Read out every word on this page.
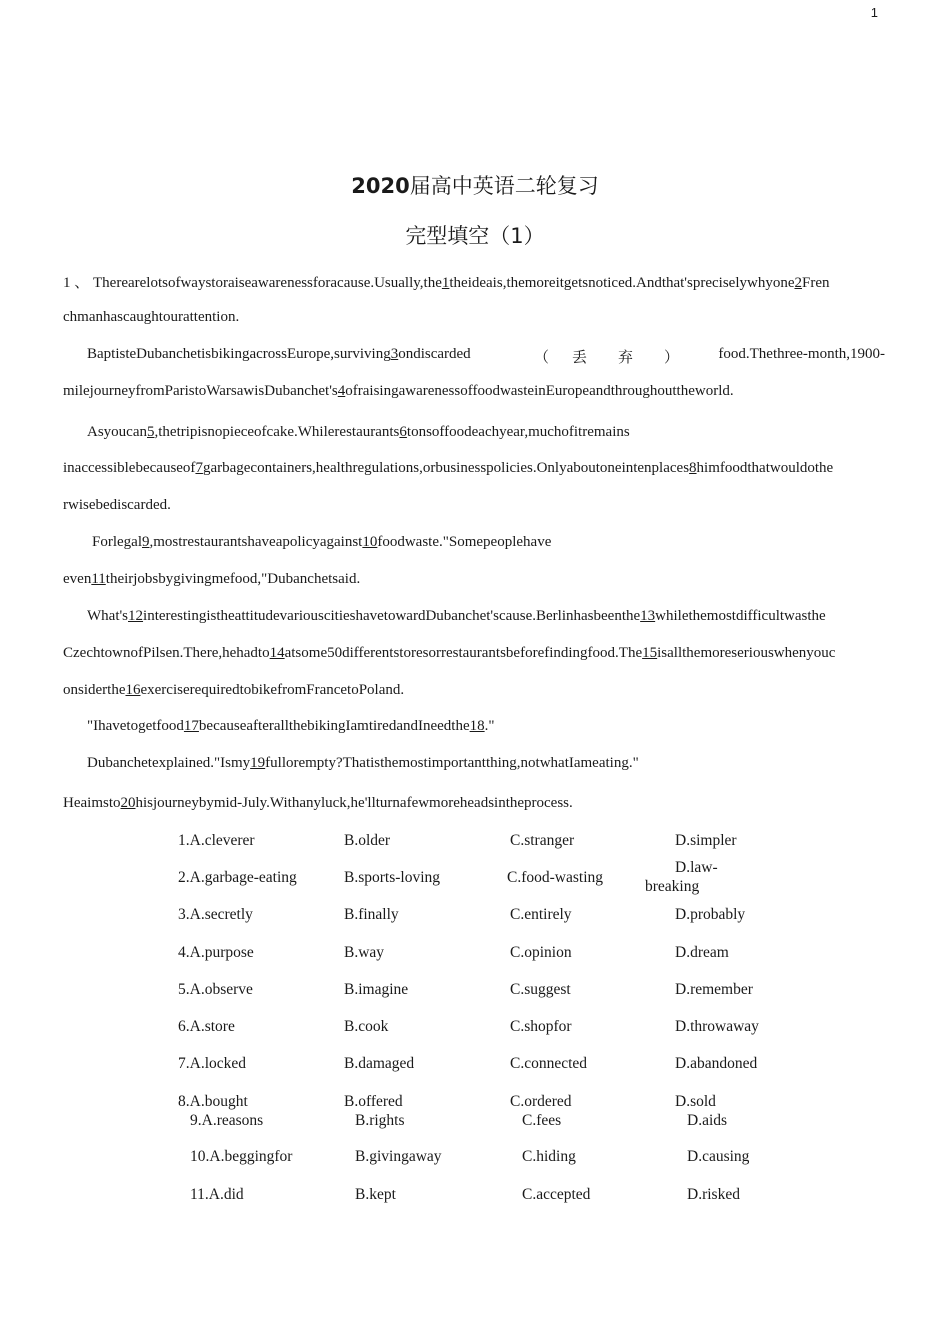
1
2020届高中英语二轮复习
完型填空（1）
1 、 Therearelotsofwaystoraiseawarenessforacause.Usually,the1theideais,themoreitgetsnoticed.Andthat'spreciselywhyone2Fren
chmanhascaughtourattention.
BaptisteDubanchetisbikingacrossEurope,surviving3ondiscarded	（ 丢 弃 ）	food.Thethree-month,1900-
milejourneyfromParistoWarsawisDubanchet's4ofraisingawarenessoffoodwasteinEuropeandthroughouttheworld.
Asyoucan5,thetripisnopieceofcake.Whilerestaurants6tonsoffoodeachyear,muchofitremains
inaccessiblebecauseof7garbagecontainers,healthregulations,orbusinesspolicies.Onlyaboutoneintenplaces8himfoodthatwouldothe
rwisebediscarded.
Forlegal9,mostrestaurantshaveapolicyagainst10foodwaste."Somepeoplehave
even11theirjobsbygivingmefood,"Dubanchetsaid.
What's12interestingistheattitudevariouscitieshavetowardDubanchet'scause.Berlinhasbeenthe13whilethemostdifficultwasthe
CzechtownofPilsen.There,hehadto14atsome50differentstoresorrestaurantsbeforefindingfood.The15isallthemoreseriouswhenyouc
onsiderthe16exerciserequiredtobikefromFrancetoPoland.
"Ihavetogetfood17becauseafterallthebikingIamtiredandIneedthe18."
Dubanchetexplained."Ismy19fullorempty?Thatisthemostimportantthing,notwhatIameating."
Heaimsto20hisjourneybymid-July.Withanyluck,he'llturnafewmoreheadsintheprocess.
1.A.cleverer	B.older	C.stranger	D.simpler
2.A.garbage-eating	B.sports-loving	C.food-wasting
D.law-
breaking
3.A.secretly	B.finally	C.entirely	D.probably
4.A.purpose	B.way	C.opinion	D.dream
5.A.observe	B.imagine	C.suggest	D.remember
6.A.store	B.cook	C.shopfor	D.throwaway
7.A.locked	B.damaged	C.connected	D.abandoned
8.A.bought	B.offered	C.ordered	D.sold
9.A.reasons	B.rights	C.fees	D.aids
10.A.beggingfor	B.givingaway	C.hiding	D.causing
11.A.did	B.kept	C.accepted	D.risked
